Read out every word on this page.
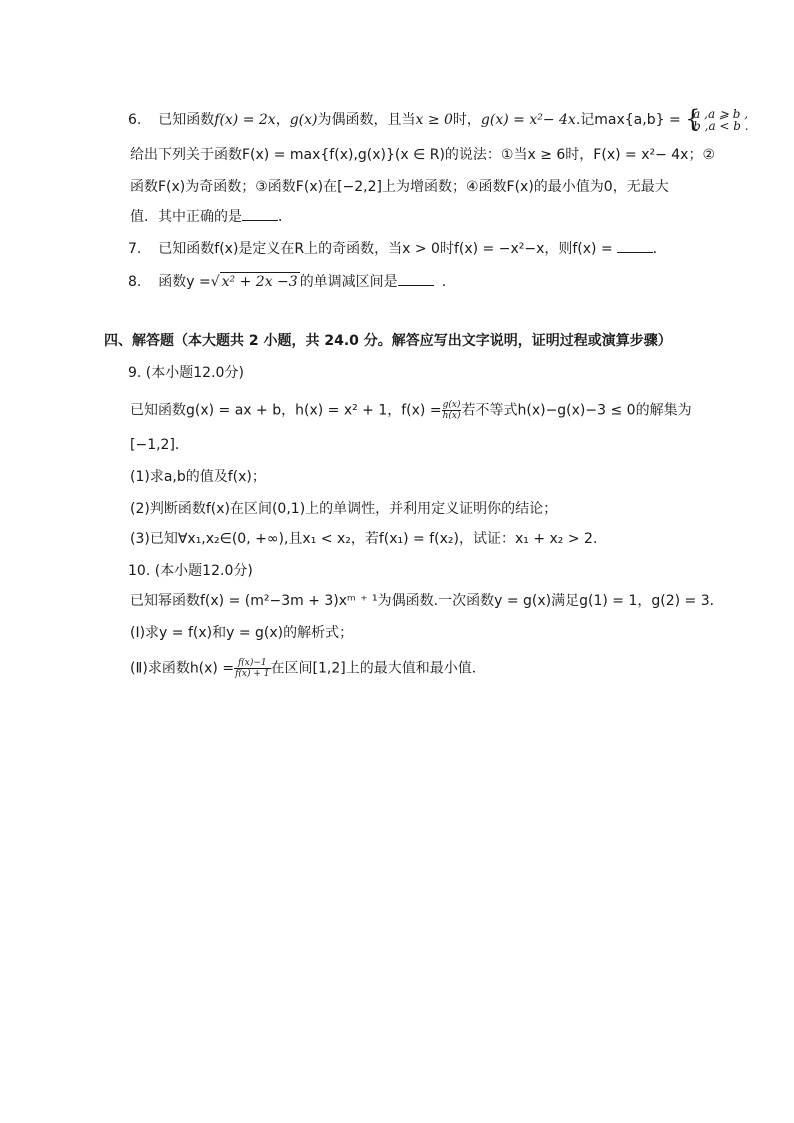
6. 已知函数f(x) = 2x，g(x)为偶函数，且当x ≥ 0时，g(x) = x²− 4x.记max{a,b} =
{ a ,a ⩾ b ,
b ,a < b .
给出下列关于函数F(x) = max{f(x),g(x)}(x ∈ R)的说法：①当x ≥ 6时，F(x) = x²− 4x；②
函数F(x)为奇函数；③函数F(x)在[−2,2]上为增函数；④函数F(x)的最小值为0，无最大
值．其中正确的是	．
7. 已知函数f(x)是定义在R上的奇函数，当x > 0时f(x) = −x²−x，则f(x) =	．
8. 函数y =√ x² + 2x −3 的单调减区间是	．
四、解答题（本大题共 2 小题，共 24.0 分。解答应写出文字说明，证明过程或演算步骤）
9. (本小题12.0分)
已知函数g(x) = ax + b，h(x) = x² + 1，$f(x) = \frac{g(x)}{h(x)}$ 若不等式h(x)−g(x)−3 ≤ 0的解集为
[−1,2]．
(1)求a,b的值及f(x)；
(2)判断函数f(x)在区间(0,1)上的单调性，并利用定义证明你的结论；
(3)已知∀x₁,x₂∈(0, +∞),且x₁ < x₂，若f(x₁) = f(x₂)，试证：x₁ + x₂ > 2．
10. (本小题12.0分)
已知幂函数f(x) = (m²−3m + 3)xᵐ ⁺ ¹为偶函数.一次函数y = g(x)满足g(1) = 1，g(2) = 3．
(Ⅰ)求y = f(x)和y = g(x)的解析式；
(Ⅱ)求函数$h(x) = \frac{f(x)-1}{f(x) + 1}$ 在区间[1,2]上的最大值和最小值．
